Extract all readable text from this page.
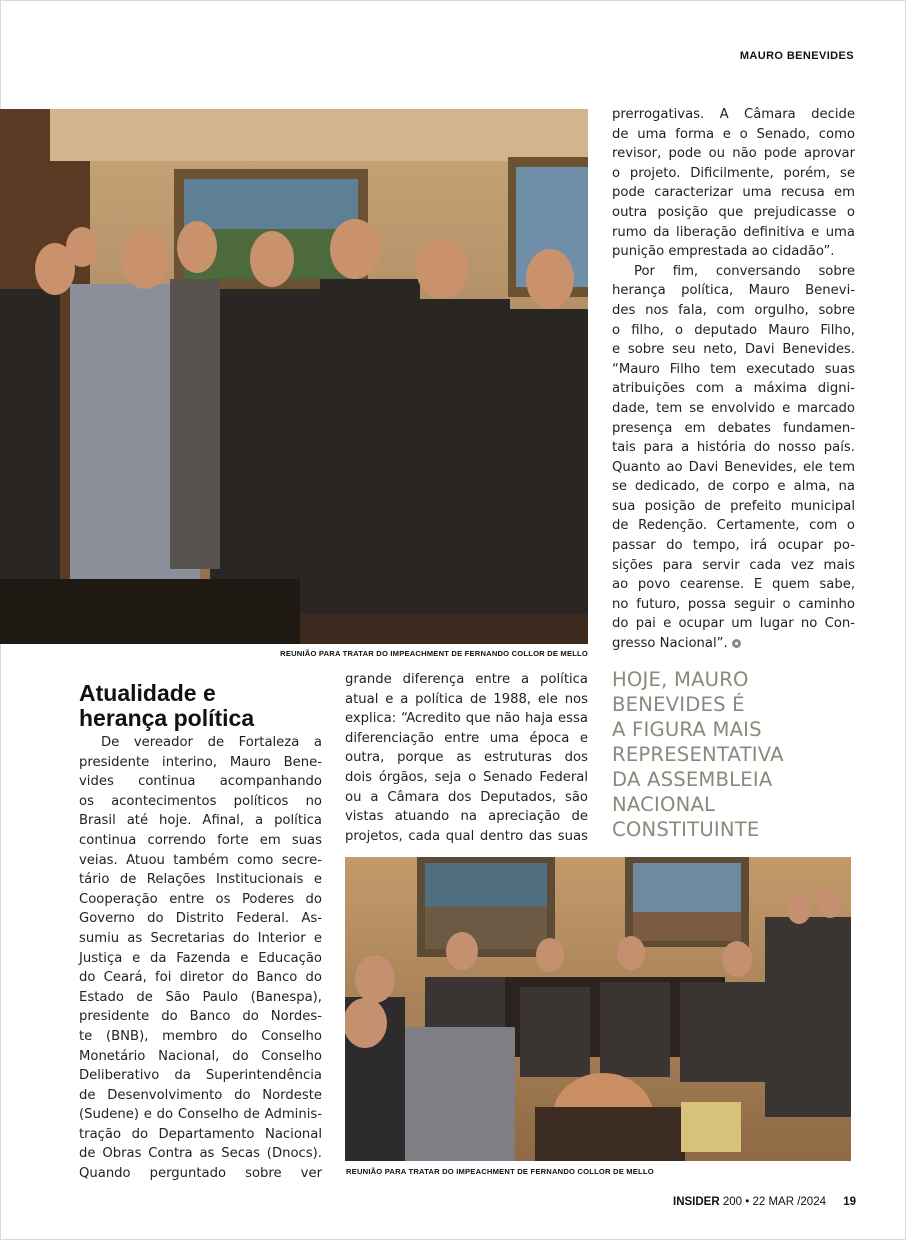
MAURO BENEVIDES
REUNIÃO PARA TRATAR DO IMPEACHMENT DE FERNANDO COLLOR DE MELLO
prerrogativas. A Câmara decide
de uma forma e o Senado, como
revisor, pode ou não pode aprovar
o projeto. Dificilmente, porém, se
pode caracterizar uma recusa em
outra posição que prejudicasse o
rumo da liberação definitiva e uma
punição emprestada ao cidadão”.
Por fim, conversando sobre
herança política, Mauro Benevi-
des nos fala, com orgulho, sobre
o filho, o deputado Mauro Filho,
e sobre seu neto, Davi Benevides.
“Mauro Filho tem executado suas
atribuições com a máxima digni-
dade, tem se envolvido e marcado
presença em debates fundamen-
tais para a história do nosso país.
Quanto ao Davi Benevides, ele tem
se dedicado, de corpo e alma, na
sua posição de prefeito municipal
de Redenção. Certamente, com o
passar do tempo, irá ocupar po-
sições para servir cada vez mais
ao povo cearense. E quem sabe,
no futuro, possa seguir o caminho
do pai e ocupar um lugar no Con-
gresso Nacional”.
Atualidade e
herança política
De vereador de Fortaleza a
presidente interino, Mauro Bene-
vides continua acompanhando
os acontecimentos políticos no
Brasil até hoje. Afinal, a política
continua correndo forte em suas
veias. Atuou também como secre-
tário de Relações Institucionais e
Cooperação entre os Poderes do
Governo do Distrito Federal. As-
sumiu as Secretarias do Interior e
Justiça e da Fazenda e Educação
do Ceará, foi diretor do Banco do
Estado de São Paulo (Banespa),
presidente do Banco do Nordes-
te (BNB), membro do Conselho
Monetário Nacional, do Conselho
Deliberativo da Superintendência
de Desenvolvimento do Nordeste
(Sudene) e do Conselho de Adminis-
tração do Departamento Nacional
de Obras Contra as Secas (Dnocs).
Quando perguntado sobre ver
grande diferença entre a política
atual e a política de 1988, ele nos
explica: “Acredito que não haja essa
diferenciação entre uma época e
outra, porque as estruturas dos
dois órgãos, seja o Senado Federal
ou a Câmara dos Deputados, são
vistas atuando na apreciação de
projetos, cada qual dentro das suas
HOJE, MAURO
BENEVIDES É
A FIGURA MAIS
REPRESENTATIVA
DA ASSEMBLEIA
NACIONAL
CONSTITUINTE
REUNIÃO PARA TRATAR DO IMPEACHMENT DE FERNANDO COLLOR DE MELLO
INSIDER 200 • 22 MAR /2024 19
